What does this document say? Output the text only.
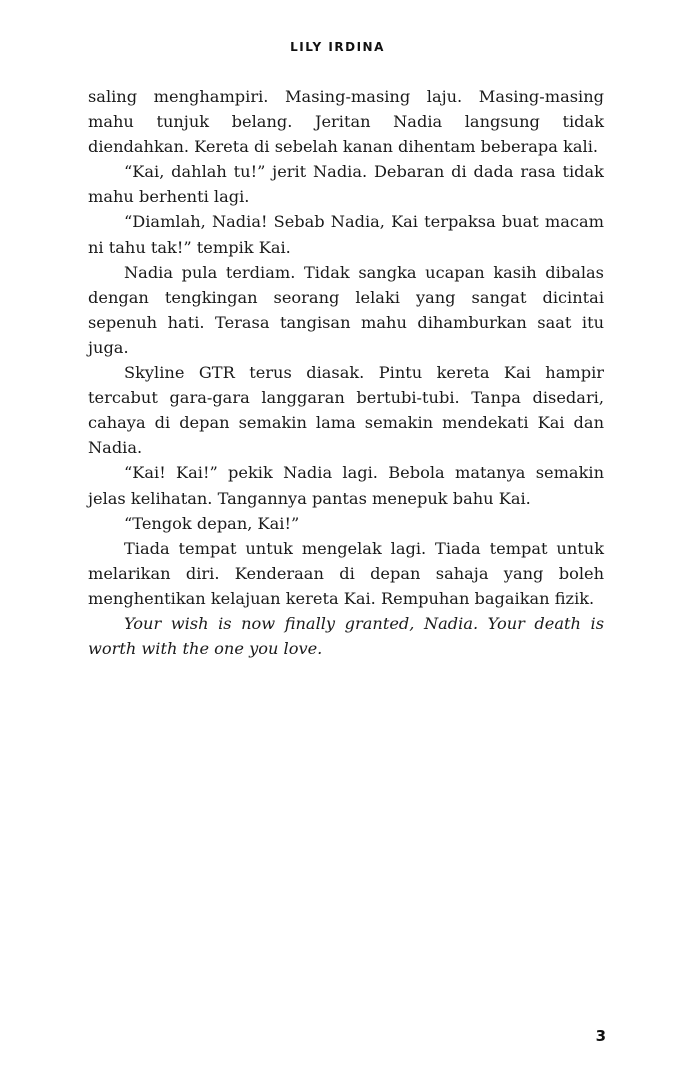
LILY IRDINA

saling menghampiri. Masing-masing laju. Masing-masing mahu tunjuk belang. Jeritan Nadia langsung tidak diendahkan. Kereta di sebelah kanan dihentam beberapa kali.

“Kai, dahlah tu!” jerit Nadia. Debaran di dada rasa tidak mahu berhenti lagi.

“Diamlah, Nadia! Sebab Nadia, Kai terpaksa buat macam ni tahu tak!” tempik Kai.

Nadia pula terdiam. Tidak sangka ucapan kasih dibalas dengan tengkingan seorang lelaki yang sangat dicintai sepenuh hati. Terasa tangisan mahu dihamburkan saat itu juga.

Skyline GTR terus diasak. Pintu kereta Kai hampir tercabut gara-gara langgaran bertubi-tubi. Tanpa disedari, cahaya di depan semakin lama semakin mendekati Kai dan Nadia.

“Kai! Kai!” pekik Nadia lagi. Bebola matanya semakin jelas kelihatan. Tangannya pantas menepuk bahu Kai.

“Tengok depan, Kai!”

Tiada tempat untuk mengelak lagi. Tiada tempat untuk melarikan diri. Kenderaan di depan sahaja yang boleh menghentikan kelajuan kereta Kai. Rempuhan bagaikan fizik.

Your wish is now finally granted, Nadia. Your death is worth with the one you love.

3
